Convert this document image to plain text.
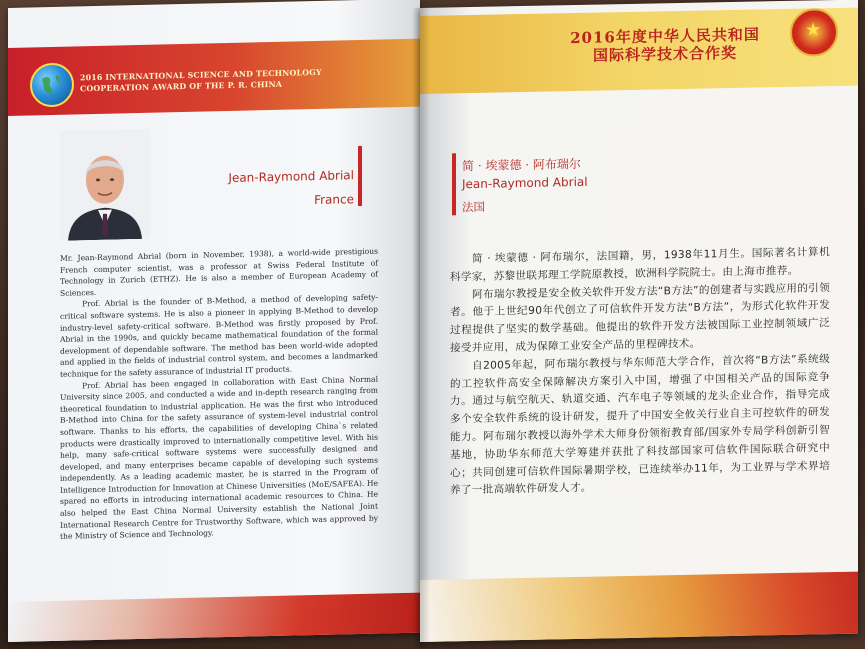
2016 INTERNATIONAL SCIENCE AND TECHNOLOGY
COOPERATION AWARD OF THE P. R. CHINA
Jean-Raymond Abrial
France

Mr. Jean-Raymond Abrial (born in November, 1938), a world-wide prestigious French computer scientist, was a professor at Swiss Federal Institute of Technology in Zurich (ETHZ). He is also a member of European Academy of Sciences.

Prof. Abrial is the founder of B-Method, a method of developing safety-critical software systems. He is also a pioneer in applying B-Method to develop industry-level safety-critical software. B-Method was firstly proposed by Prof. Abrial in the 1990s, and quickly became mathematical foundation of the formal development of dependable software. The method has been world-wide adopted and applied in the fields of industrial control system, and becomes a landmarked technique for the safety assurance of industrial IT products.

Prof. Abrial has been engaged in collaboration with East China Normal University since 2005, and conducted a wide and in-depth research ranging from theoretical foundation to industrial application. He was the first who introduced B-Method into China for the safety assurance of system-level industrial control software. Thanks to his efforts, the capabilities of developing China`s related products were drastically improved to internationally competitive level. With his help, many safe-critical software systems were successfully designed and developed, and many enterprises became capable of developing such systems independently. As a leading academic master, he is starred in the Program of Intelligence Introduction for Innovation at Chinese Universities (MoE/SAFEA). He spared no efforts in introducing international academic resources to China. He also helped the East China Normal University establish the National Joint International Research Centre for Trustworthy Software, which was approved by the Ministry of Science and Technology.

2016年度中华人民共和国
国际科学技术合作奖
★
简 · 埃蒙德 · 阿布瑞尔
Jean-Raymond Abrial
法国

简 · 埃蒙德 · 阿布瑞尔，法国籍，男，1938年11月生。国际著名计算机科学家，苏黎世联邦理工学院原教授，欧洲科学院院士。由上海市推荐。

阿布瑞尔教授是安全攸关软件开发方法“B方法”的创建者与实践应用的引领者。他于上世纪90年代创立了可信软件开发方法“B方法”，为形式化软件开发过程提供了坚实的数学基础。他提出的软件开发方法被国际工业控制领域广泛接受并应用，成为保障工业安全产品的里程碑技术。

自2005年起，阿布瑞尔教授与华东师范大学合作，首次将“B方法”系统级的工控软件高安全保障解决方案引入中国，增强了中国相关产品的国际竞争力。通过与航空航天、轨道交通、汽车电子等领域的龙头企业合作，指导完成多个安全软件系统的设计研发，提升了中国安全攸关行业自主可控软件的研发能力。阿布瑞尔教授以海外学术大师身份领衔教育部/国家外专局学科创新引智基地，协助华东师范大学筹建并获批了科技部国家可信软件国际联合研究中心；共同创建可信软件国际暑期学校，已连续举办11年，为工业界与学术界培养了一批高端软件研发人才。
